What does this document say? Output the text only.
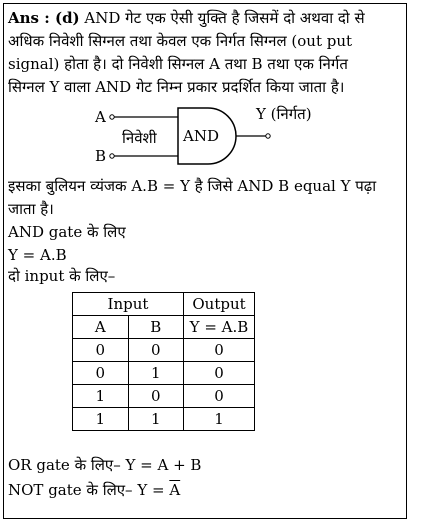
Ans : (d) AND गेट एक ऐसी युक्ति है जिसमें दो अथवा दो से
अधिक निवेशी सिग्नल तथा केवल एक निर्गत सिग्नल (out put
signal) होता है। दो निवेशी सिग्नल A तथा B तथा एक निर्गत
सिग्नल Y वाला AND गेट निम्न प्रकार प्रदर्शित किया जाता है।
A
B
निवेशी AND
Y (निर्गत)
इसका बुलियन व्यंजक A.B = Y है जिसे AND B equal Y पढ़ा
जाता है।
AND gate के लिए
Y = A.B
दो input के लिए–
Input		Output
A	B	Y = A.B
0	0	0
0	1	0
1	0	0
1	1	1
OR gate के लिए– Y = A + B
NOT gate के लिए– $Y = \overline{A}$
